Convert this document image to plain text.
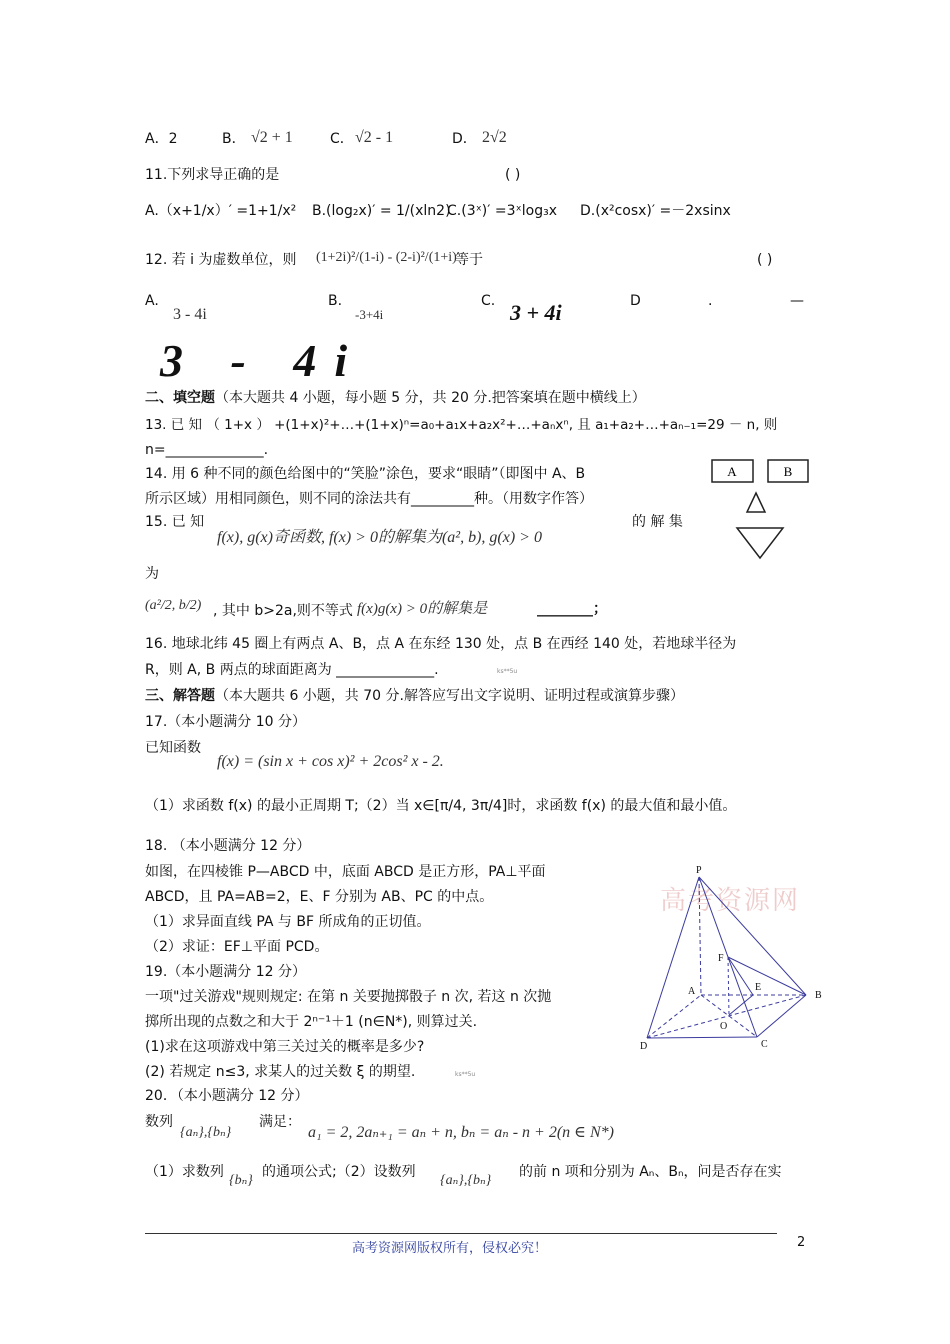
A．2	B． √2 + 1	C． √2 - 1	D． 2√2
11.下列求导正确的是	( )
A.（x+1/x）′ =1+1/x² B.(log₂x)′ = 1/(xln2)
C.(3ˣ)′ =3ˣlog₃x D.(x²cosx)′ =－2xsinx
12. 若 i 为虚数单位，则 (1+2i)²/(1-i) - (2-i)²/(1+i)
等于	( )
A.
3 - 4i
B.
-3+4i
C. 3 + 4i	D	.	—
3 - 4i
二、填空题（本大题共 4 小题，每小题 5 分，共 20 分.把答案填在题中横线上）
13. 已 知 （ 1+x ） +(1+x)²+…+(1+x)ⁿ=a₀+a₁x+a₂x²+…+aₙxⁿ, 且 a₁+a₂+…+aₙ₋₁=29 － n, 则
n=______________.
14. 用 6 种不同的颜色给图中的“笑脸”涂色，要求“眼睛”（即图中 A、B
所示区域）用相同颜色，则不同的涂法共有_________种。（用数字作答）
A	B
15. 已 知
f(x), g(x)奇函数, f(x) > 0的解集为(a², b), g(x) > 0
的 解 集
为
(a²/2, b/2) , 其中 b>2a,则不等式 f(x)g(x) > 0的解集是	________；
16. 地球北纬 45 圈上有两点 A、B，点 A 在东经 130 处，点 B 在西经 140 处，若地球半径为
R，则 A, B 两点的球面距离为 ______________.	ks**5u
三、解答题（本大题共 6 小题，共 70 分.解答应写出文字说明、证明过程或演算步骤）
17.（本小题满分 10 分）
已知函数
f(x) = (sin x + cos x)² + 2cos² x - 2.
（1）求函数 f(x) 的最小正周期 T;（2）当 x∈[π/4, 3π/4]时，求函数 f(x) 的最大值和最小值。
18. （本小题满分 12 分）
如图，在四棱锥 P—ABCD 中，底面 ABCD 是正方形，PA⊥平面
ABCD，且 PA=AB=2，E、F 分别为 AB、PC 的中点。
（1）求异面直线 PA 与 BF 所成角的正切值。
（2）求证：EF⊥平面 PCD。
高考资源网
P
A	B
C
D
E
F
O
19.（本小题满分 12 分）
一项"过关游戏"规则规定: 在第 n 关要抛掷骰子 n 次, 若这 n 次抛
掷所出现的点数之和大于 2ⁿ⁻¹＋1 (n∈N*), 则算过关.
(1)求在这项游戏中第三关过关的概率是多少?
(2) 若规定 n≤3, 求某人的过关数 ξ 的期望.	ks**5u
20．（本小题满分 12 分）
数列
{aₙ},{bₙ}
满足：
a₁ = 2, 2aₙ₊₁ = aₙ + n, bₙ = aₙ - n + 2(n ∈ N*)
（1）求数列
{bₙ}
的通项公式;（2）设数列
{aₙ},{bₙ}
的前 n 项和分别为 Aₙ、Bₙ，问是否存在实
高考资源网版权所有，侵权必究！	2
